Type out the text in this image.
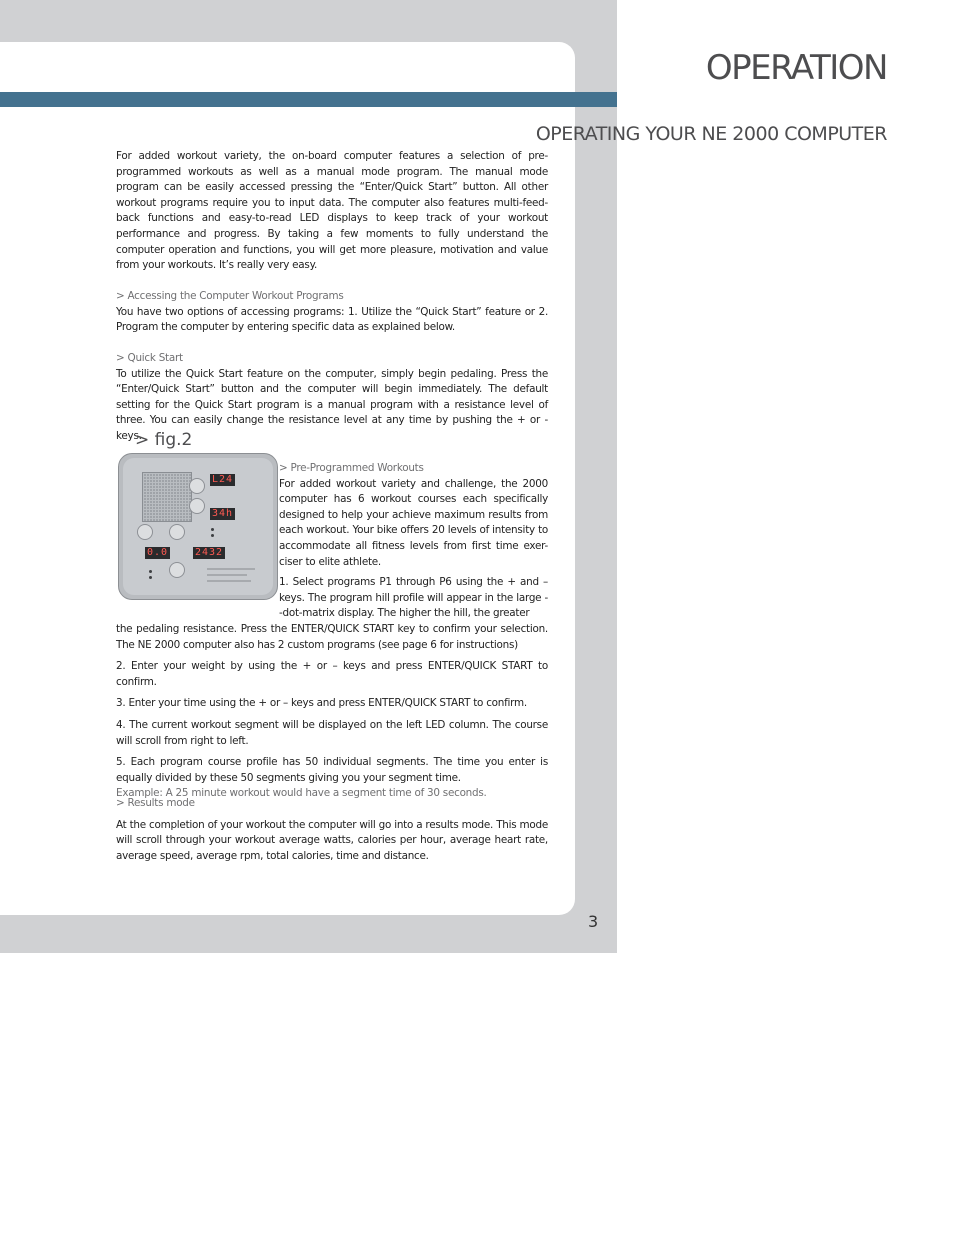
OPERATION
OPERATING YOUR NE 2000 COMPUTER

For added workout variety, the on-board computer features a selection of pre-programmed workouts as well as a manual mode program. The manual mode program can be easily accessed pressing the “Enter/Quick Start” button. All other workout programs require you to input data. The computer also features multi-feed-back functions and easy-to-read LED displays to keep track of your workout performance and progress. By taking a few moments to fully understand the computer operation and functions, you will get more pleasure, motivation and value from your workouts. It’s really very easy.

> Accessing the Computer Workout Programs

You have two options of accessing programs: 1. Utilize the “Quick Start” feature or 2. Program the computer by entering specific data as explained below.

> Quick Start

To utilize the Quick Start feature on the computer, simply begin pedaling. Press the “Enter/Quick Start” button and the computer will begin immediately. The default setting for the Quick Start program is a manual program with a resistance level of three. You can easily change the resistance level at any time by pushing the + or - keys.

> fig.2
L24
34h
0.0	2432

> Pre-Programmed Workouts

For added workout variety and challenge, the 2000 computer has 6 workout courses each specifically designed to help your achieve maximum results from each workout. Your bike offers 20 levels of intensity to accommodate all fitness levels from first time exer-ciser to elite athlete.

1. Select programs P1 through P6 using the + and – keys. The program hill profile will appear in the large --dot-matrix display. The higher the hill, the greater

the pedaling resistance. Press the ENTER/QUICK START key to confirm your selection. The NE 2000 computer also has 2 custom programs (see page 6 for instructions)

2. Enter your weight by using the + or – keys and press ENTER/QUICK START to confirm.

3. Enter your time using the + or – keys and press ENTER/QUICK START to confirm.

4. The current workout segment will be displayed on the left LED column. The course will scroll from right to left.

5. Each program course profile has 50 individual segments. The time you enter is equally divided by these 50 segments giving you your segment time.

Example: A 25 minute workout would have a segment time of 30 seconds.

> Results mode

At the completion of your workout the computer will go into a results mode. This mode will scroll through your workout average watts, calories per hour, average heart rate, average speed, average rpm, total calories, time and distance.

3
